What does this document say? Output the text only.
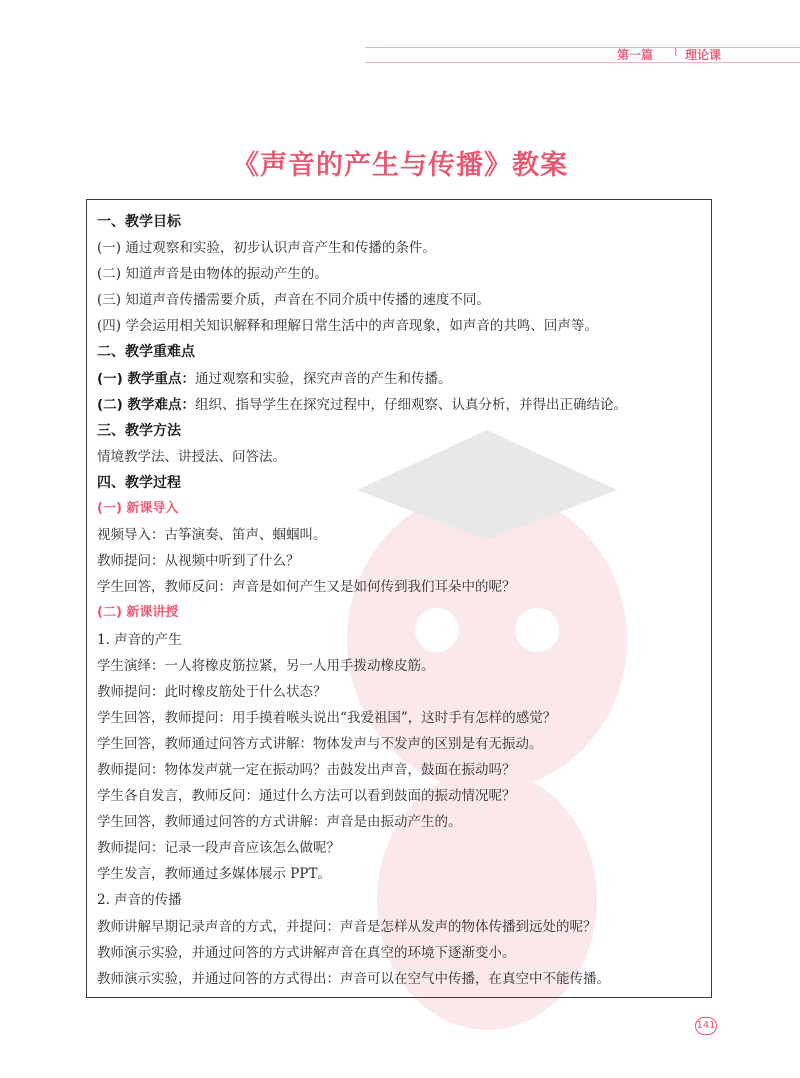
第一篇 ⌇ 理论课
《声音的产生与传播》教案
一、教学目标
(一) 通过观察和实验，初步认识声音产生和传播的条件。
(二) 知道声音是由物体的振动产生的。
(三) 知道声音传播需要介质，声音在不同介质中传播的速度不同。
(四) 学会运用相关知识解释和理解日常生活中的声音现象，如声音的共鸣、回声等。
二、教学重难点
(一) 教学重点：通过观察和实验，探究声音的产生和传播。
(二) 教学难点：组织、指导学生在探究过程中，仔细观察、认真分析，并得出正确结论。
三、教学方法
情境教学法、讲授法、问答法。
四、教学过程
(一) 新课导入
视频导入：古筝演奏、笛声、蝈蝈叫。
教师提问：从视频中听到了什么？
学生回答，教师反问：声音是如何产生又是如何传到我们耳朵中的呢？
(二) 新课讲授
1. 声音的产生
学生演绎：一人将橡皮筋拉紧，另一人用手拨动橡皮筋。
教师提问：此时橡皮筋处于什么状态？
学生回答，教师提问：用手摸着喉头说出“我爱祖国”，这时手有怎样的感觉？
学生回答，教师通过问答方式讲解：物体发声与不发声的区别是有无振动。
教师提问：物体发声就一定在振动吗？击鼓发出声音，鼓面在振动吗？
学生各自发言，教师反问：通过什么方法可以看到鼓面的振动情况呢？
学生回答，教师通过问答的方式讲解：声音是由振动产生的。
教师提问：记录一段声音应该怎么做呢？
学生发言，教师通过多媒体展示 PPT。
2. 声音的传播
教师讲解早期记录声音的方式，并提问：声音是怎样从发声的物体传播到远处的呢？
教师演示实验，并通过问答的方式讲解声音在真空的环境下逐渐变小。
教师演示实验，并通过问答的方式得出：声音可以在空气中传播，在真空中不能传播。
141
